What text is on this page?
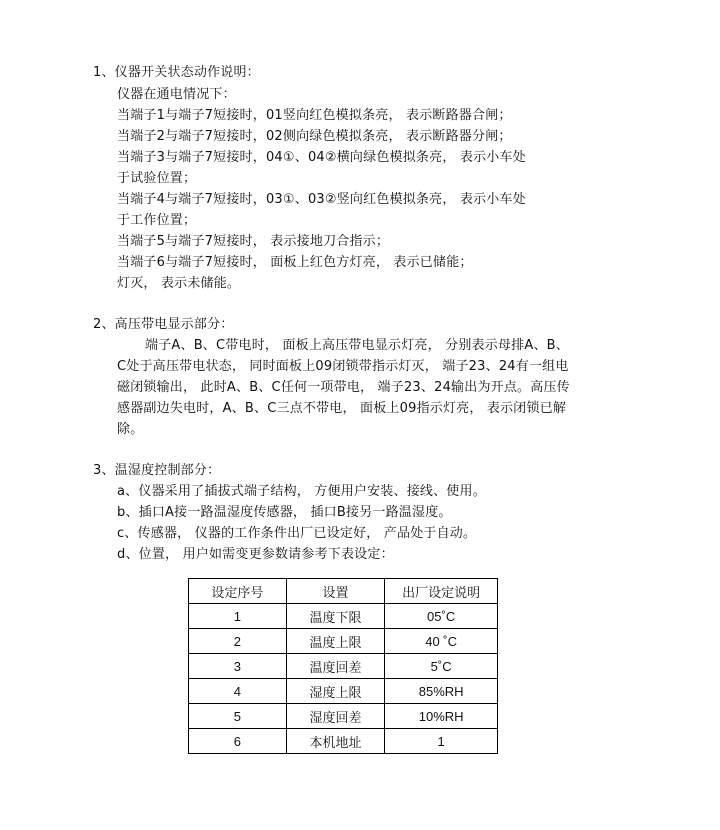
1、仪器开关状态动作说明：
仪器在通电情况下：
当端子1与端子7短接时，01竖向红色模拟条亮， 表示断路器合闸；
当端子2与端子7短接时，02侧向绿色模拟条亮， 表示断路器分闸；
当端子3与端子7短接时，04①、04②横向绿色模拟条亮， 表示小车处
于试验位置；
当端子4与端子7短接时，03①、03②竖向红色模拟条亮， 表示小车处
于工作位置；
当端子5与端子7短接时， 表示接地刀合指示；
当端子6与端子7短接时， 面板上红色方灯亮， 表示已储能；
灯灭， 表示未储能。
2、高压带电显示部分：
端子A、B、C带电时， 面板上高压带电显示灯亮， 分别表示母排A、B、
C处于高压带电状态， 同时面板上09闭锁带指示灯灭， 端子23、24有一组电
磁闭锁输出， 此时A、B、C任何一项带电， 端子23、24输出为开点。高压传
感器副边失电时，A、B、C三点不带电， 面板上09指示灯亮， 表示闭锁已解
除。
3、温湿度控制部分：
a、仪器采用了插拔式端子结构， 方便用户安装、接线、使用。
b、插口A接一路温湿度传感器， 插口B接另一路温湿度。
c、传感器， 仪器的工作条件出厂已设定好， 产品处于自动。
d、位置， 用户如需变更参数请参考下表设定：
设定序号	设置	出厂设定说明
1	温度下限	05˚C
2	温度上限	40 ˚C
3	温度回差	5˚C
4	湿度上限	85%RH
5	湿度回差	10%RH
6	本机地址	1
